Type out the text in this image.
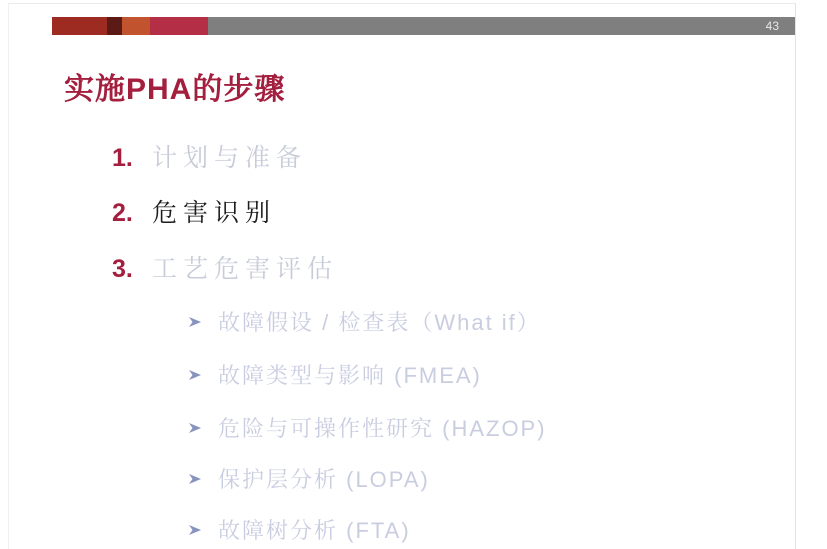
43
实施PHA的步骤
1. 计划与准备
2. 危害识别
3. 工艺危害评估
故障假设 / 检查表（What if）
故障类型与影响 (FMEA)
危险与可操作性研究 (HAZOP)
保护层分析 (LOPA)
故障树分析 (FTA)
